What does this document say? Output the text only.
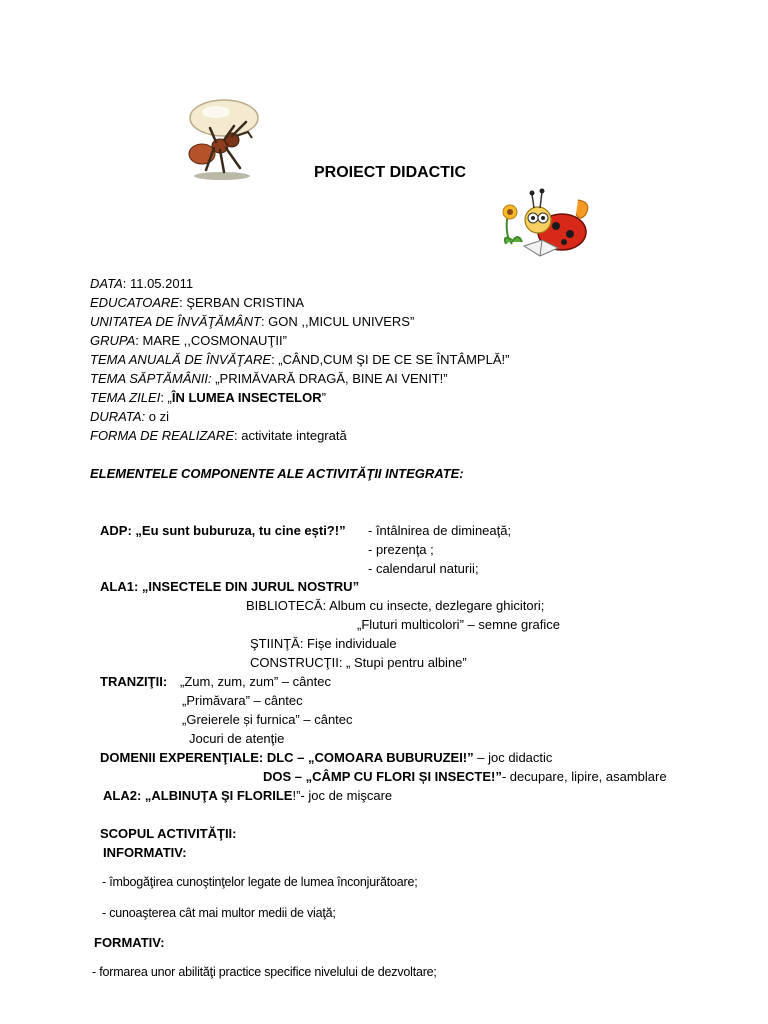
PROIECT DIDACTIC
DATA: 11.05.2011
EDUCATOARE: ŞERBAN CRISTINA
UNITATEA DE ÎNVĂŢĂMÂNT: GON ,,MICUL UNIVERS”
GRUPA: MARE ,,COSMONAUŢII”
TEMA ANUALĂ DE ÎNVĂŢARE: „CÂND,CUM ŞI DE CE SE ÎNTÂMPLĂ!”
TEMA SĂPTĂMÂNII: „PRIMĂVARĂ DRAGĂ, BINE AI VENIT!”
TEMA ZILEI: „ÎN LUMEA INSECTELOR”
DURATA: o zi
FORMA DE REALIZARE: activitate integrată
ELEMENTELE COMPONENTE ALE ACTIVITĂŢII INTEGRATE:
ADP: „Eu sunt buburuza, tu cine ești?!” - întâlnirea de dimineaţă;
- prezenţa ;
- calendarul naturii;
ALA1: „INSECTELE DIN JURUL NOSTRU”
BIBLIOTECĂ: Album cu insecte, dezlegare ghicitori;
„Fluturi multicolori” – semne grafice
ŞTIINŢĂ: Fișe individuale
CONSTRUCŢII: „ Stupi pentru albine”
TRANZIŢII: „Zum, zum, zum” – cântec
„Primăvara” – cântec
„Greierele și furnica” – cântec
Jocuri de atenţie
DOMENII EXPERENŢIALE: DLC – „COMOARA BUBURUZEI!” – joc didactic
DOS – „CÂMP CU FLORI ȘI INSECTE!”- decupare, lipire, asamblare
ALA2: „ALBINUŢA ŞI FLORILE!”- joc de mişcare
SCOPUL ACTIVITĂŢII:
INFORMATIV:
- îmbogăţirea cunoştinţelor legate de lumea înconjurătoare;
- cunoaşterea cât mai multor medii de viaţă;
FORMATIV:
- formarea unor abilităţi practice specifice nivelului de dezvoltare;
